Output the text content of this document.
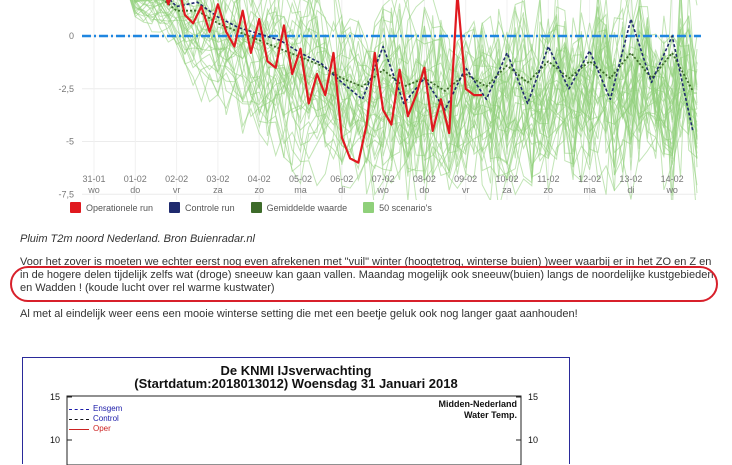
0
-2,5
-5
-7,5
31-01
wo
01-02
do
02-02
vr
03-02
za
04-02
zo
05-02
ma
06-02
di
07-02
wo
08-02
do
09-02
vr
10-02
za
11-02
zo
12-02
ma
13-02
di
14-02
wo
Operationele run	Controle run	Gemiddelde waarde	50 scenario's
Pluim T2m noord Nederland. Bron Buienradar.nl
Voor het zover is moeten we echter eerst nog even afrekenen met "vuil" winter (hoogtetrog, winterse buien) )weer waarbij er in het ZO en Z en in de hogere delen tijdelijk zelfs wat (droge) sneeuw kan gaan vallen. Maandag mogelijk ook sneeuw(buien) langs de noordelijke kustgebieden en Wadden ! (koude lucht over rel warme kustwater)
Al met al eindelijk weer eens een mooie winterse setting die met een beetje geluk ook nog langer gaat aanhouden!
15	15
10	10
De KNMI IJsverwachting
(Startdatum:2018013012) Woensdag 31 Januari 2018
Ensgem
Control
Oper
Midden-Nederland
Water Temp.
